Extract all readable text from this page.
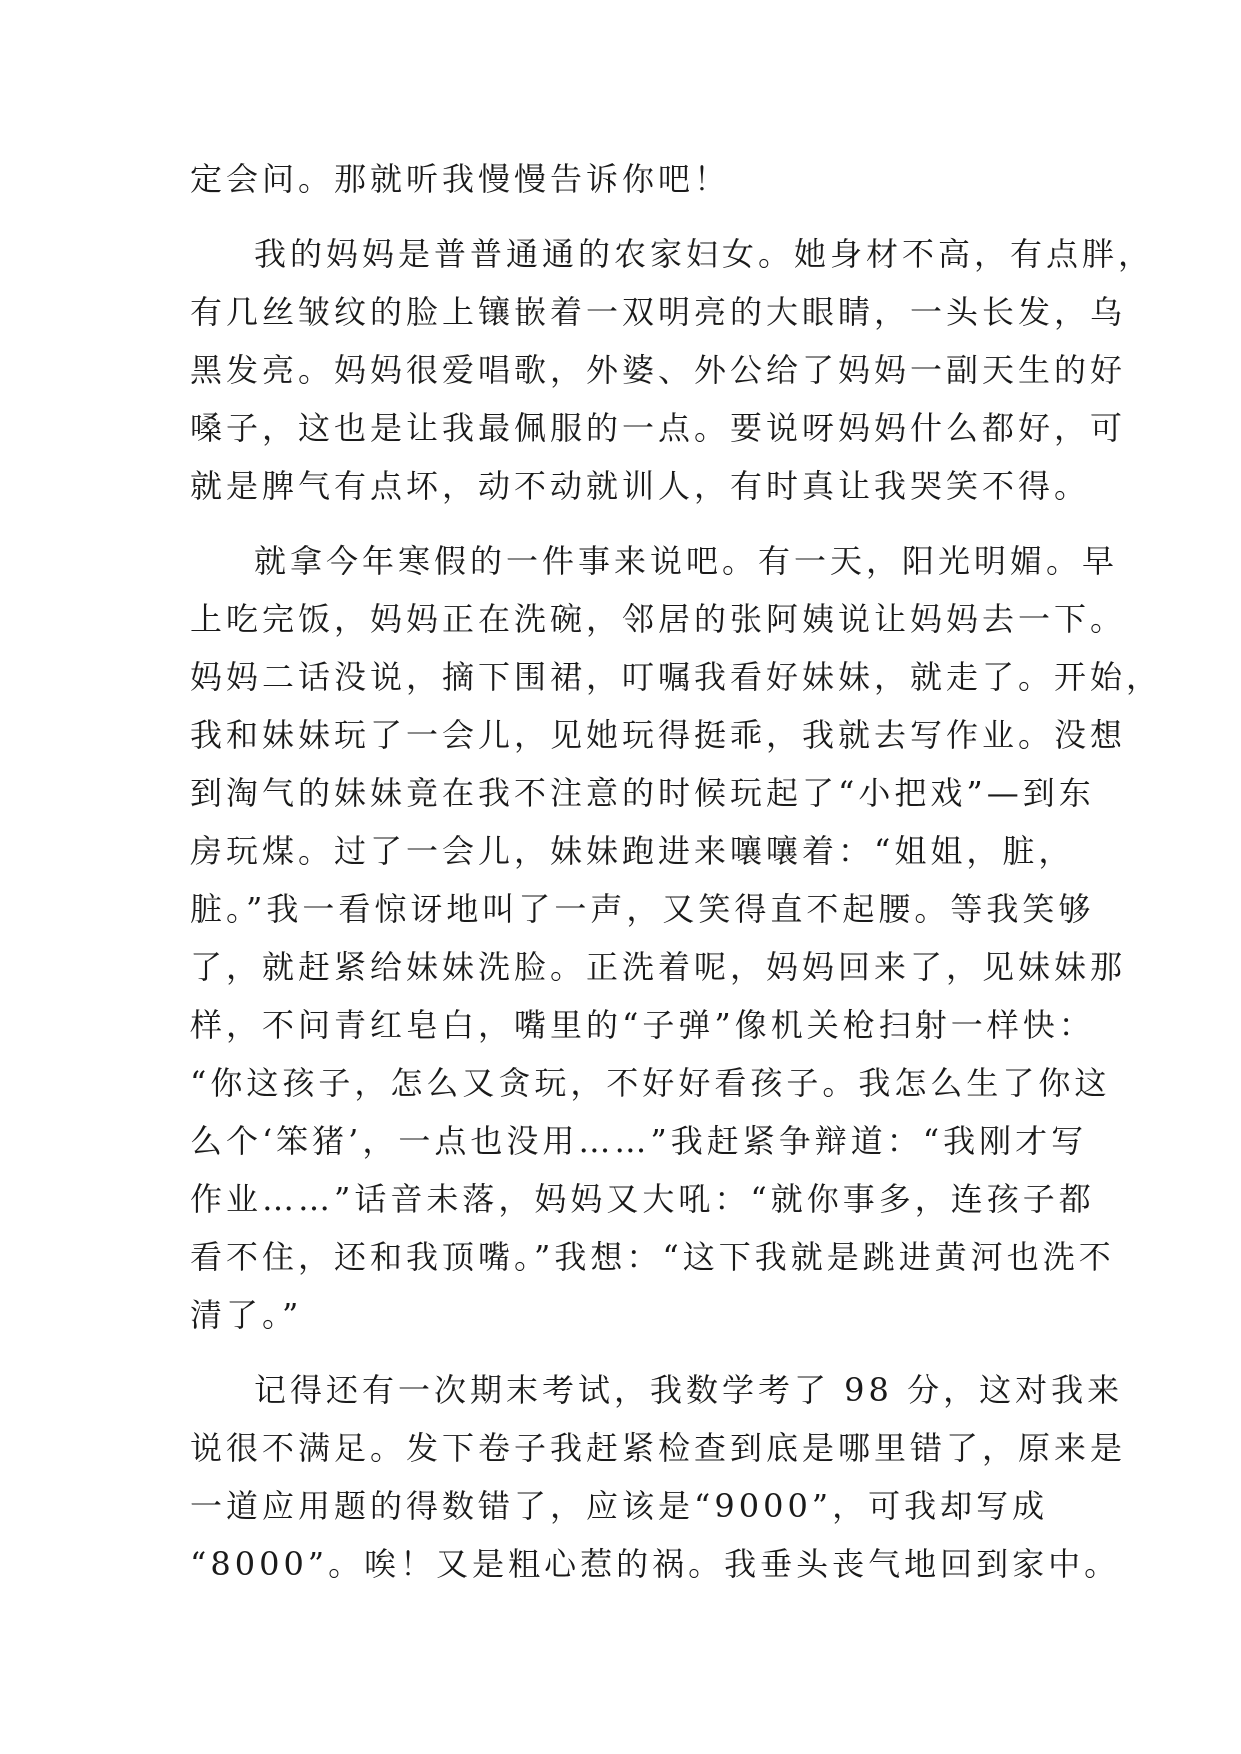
定会问。那就听我慢慢告诉你吧！
我的妈妈是普普通通的农家妇女。她身材不高，有点胖，
有几丝皱纹的脸上镶嵌着一双明亮的大眼睛，一头长发，乌
黑发亮。妈妈很爱唱歌，外婆、外公给了妈妈一副天生的好
嗓子，这也是让我最佩服的一点。要说呀妈妈什么都好，可
就是脾气有点坏，动不动就训人，有时真让我哭笑不得。
就拿今年寒假的一件事来说吧。有一天，阳光明媚。早
上吃完饭，妈妈正在洗碗，邻居的张阿姨说让妈妈去一下。
妈妈二话没说，摘下围裙，叮嘱我看好妹妹，就走了。开始，
我和妹妹玩了一会儿，见她玩得挺乖，我就去写作业。没想
到淘气的妹妹竟在我不注意的时候玩起了“小把戏”—到东
房玩煤。过了一会儿，妹妹跑进来嚷嚷着：“姐姐，脏，
脏。”我一看惊讶地叫了一声，又笑得直不起腰。等我笑够
了，就赶紧给妹妹洗脸。正洗着呢，妈妈回来了，见妹妹那
样，不问青红皂白，嘴里的“子弹”像机关枪扫射一样快：
“你这孩子，怎么又贪玩，不好好看孩子。我怎么生了你这
么个‘笨猪’，一点也没用……”我赶紧争辩道：“我刚才写
作业……”话音未落，妈妈又大吼：“就你事多，连孩子都
看不住，还和我顶嘴。”我想：“这下我就是跳进黄河也洗不
清了。”
记得还有一次期末考试，我数学考了 98 分，这对我来
说很不满足。发下卷子我赶紧检查到底是哪里错了，原来是
一道应用题的得数错了，应该是“9000”，可我却写成
“8000”。唉！又是粗心惹的祸。我垂头丧气地回到家中。
